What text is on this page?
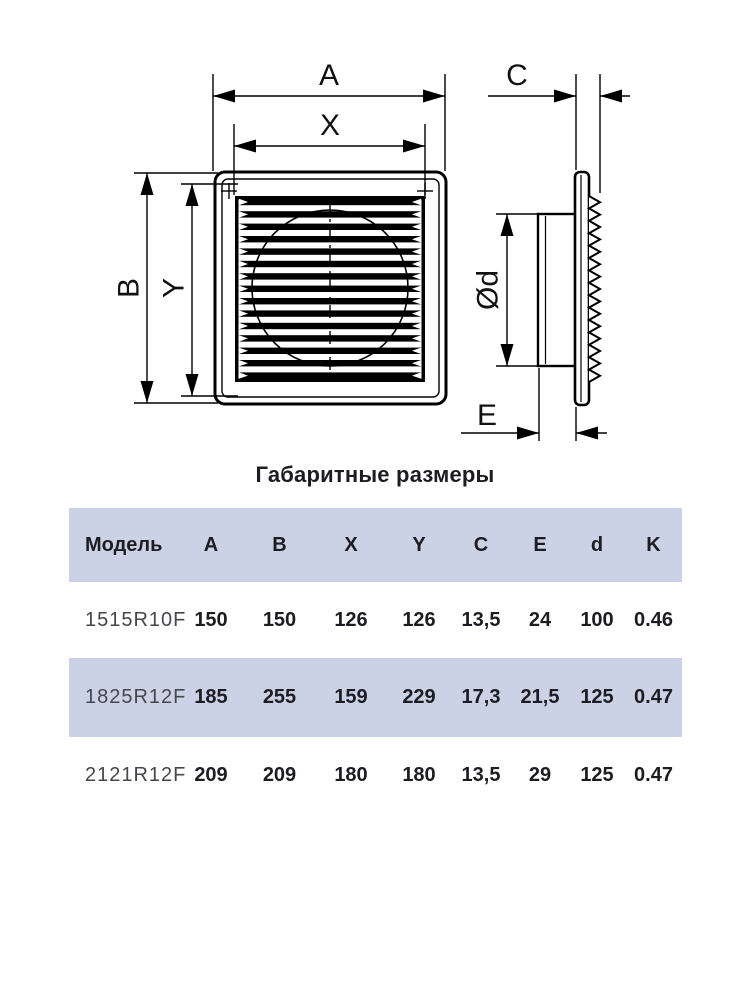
A
X
B Y
C
Ød
E
Габаритные размеры
Модель	A	B	X	Y	C	E	d	K
1515R10F	150	150	126	126	13,5	24	100	0.46
1825R12F	185	255	159	229	17,3	21,5	125	0.47
2121R12F	209	209	180	180	13,5	29	125	0.47
